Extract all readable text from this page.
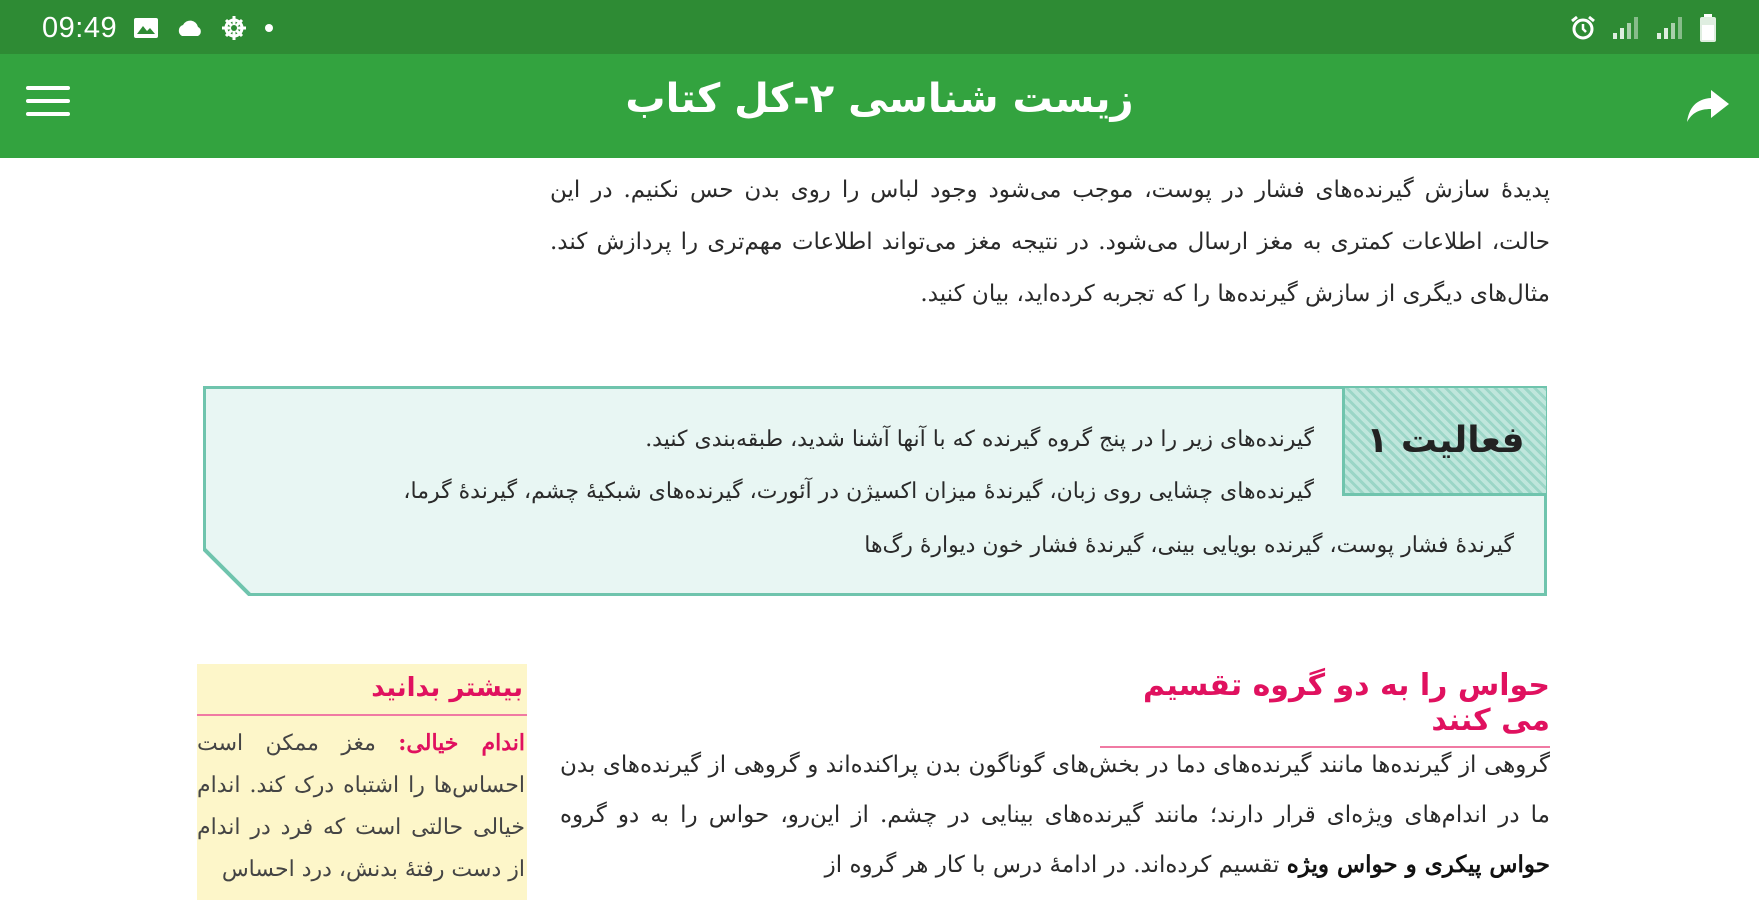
09:49
زیست شناسی ۲-کل کتاب

پدیدهٔ سازش گیرنده‌های فشار در پوست، موجب می‌شود وجود لباس را روی بدن حس نکنیم. در این حالت، اطلاعات کمتری به مغز ارسال می‌شود. در نتیجه مغز می‌تواند اطلاعات مهم‌تری را پردازش کند. مثال‌های دیگری از سازش گیرنده‌ها را که تجربه کرده‌اید، بیان کنید.

فعالیت ۱
گیرنده‌های زیر را در پنج گروه گیرنده که با آنها آشنا شدید، طبقه‌بندی کنید.
گیرنده‌های چشایی روی زبان، گیرندهٔ میزان اکسیژن در آئورت، گیرنده‌های شبکیهٔ چشم، گیرندهٔ گرما،
گیرندهٔ فشار پوست، گیرنده بویایی بینی، گیرندهٔ فشار خون دیوارهٔ رگ‌ها
حواس را به دو گروه تقسیم می کنند

گروهی از گیرنده‌ها مانند گیرنده‌های دما در بخش‌های گوناگون بدن پراکنده‌اند و گروهی از گیرنده‌های بدن ما در اندام‌های ویژه‌ای قرار دارند؛ مانند گیرنده‌های بینایی در چشم. از این‌رو، حواس را به دو گروه حواس پیکری و حواس ویژه تقسیم کرده‌اند. در ادامهٔ درس با کار هر گروه از

بیشتر بدانید

اندام خیالی: مغز ممکن است احساس‌ها را اشتباه درک کند. اندام خیالی حالتی است که فرد در اندام از دست رفتهٔ بدنش، درد احساس
